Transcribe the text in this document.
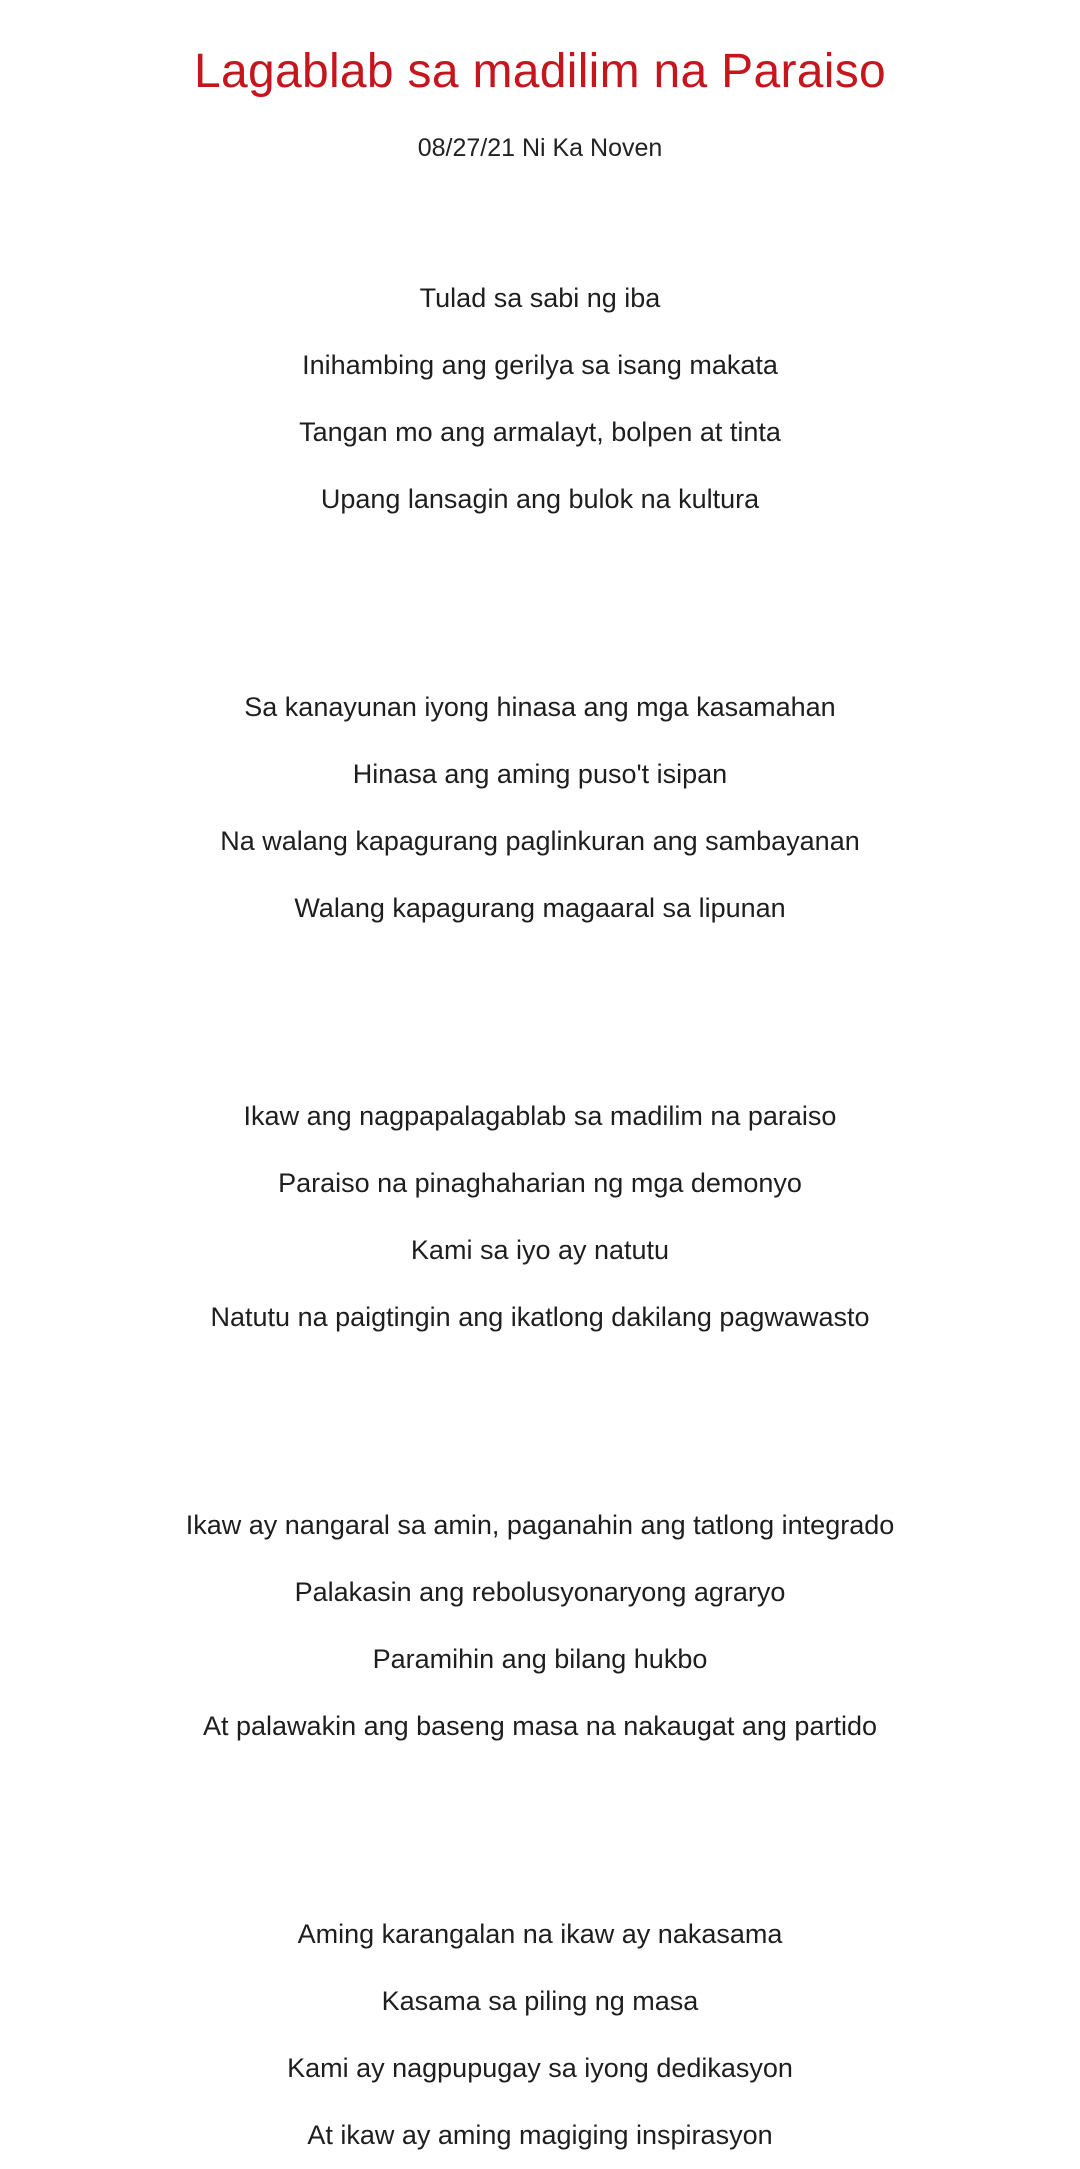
Lagablab sa madilim na Paraiso

08/27/21 Ni Ka Noven

Tulad sa sabi ng iba
Inihambing ang gerilya sa isang makata
Tangan mo ang armalayt, bolpen at tinta
Upang lansagin ang bulok na kultura
Sa kanayunan iyong hinasa ang mga kasamahan
Hinasa ang aming puso't isipan
Na walang kapagurang paglinkuran ang sambayanan
Walang kapagurang magaaral sa lipunan
Ikaw ang nagpapalagablab sa madilim na paraiso
Paraiso na pinaghaharian ng mga demonyo
Kami sa iyo ay natutu
Natutu na paigtingin ang ikatlong dakilang pagwawasto
Ikaw ay nangaral sa amin, paganahin ang tatlong integrado
Palakasin ang rebolusyonaryong agraryo
Paramihin ang bilang hukbo
At palawakin ang baseng masa na nakaugat ang partido
Aming karangalan na ikaw ay nakasama
Kasama sa piling ng masa
Kami ay nagpupugay sa iyong dedikasyon
At ikaw ay aming magiging inspirasyon
